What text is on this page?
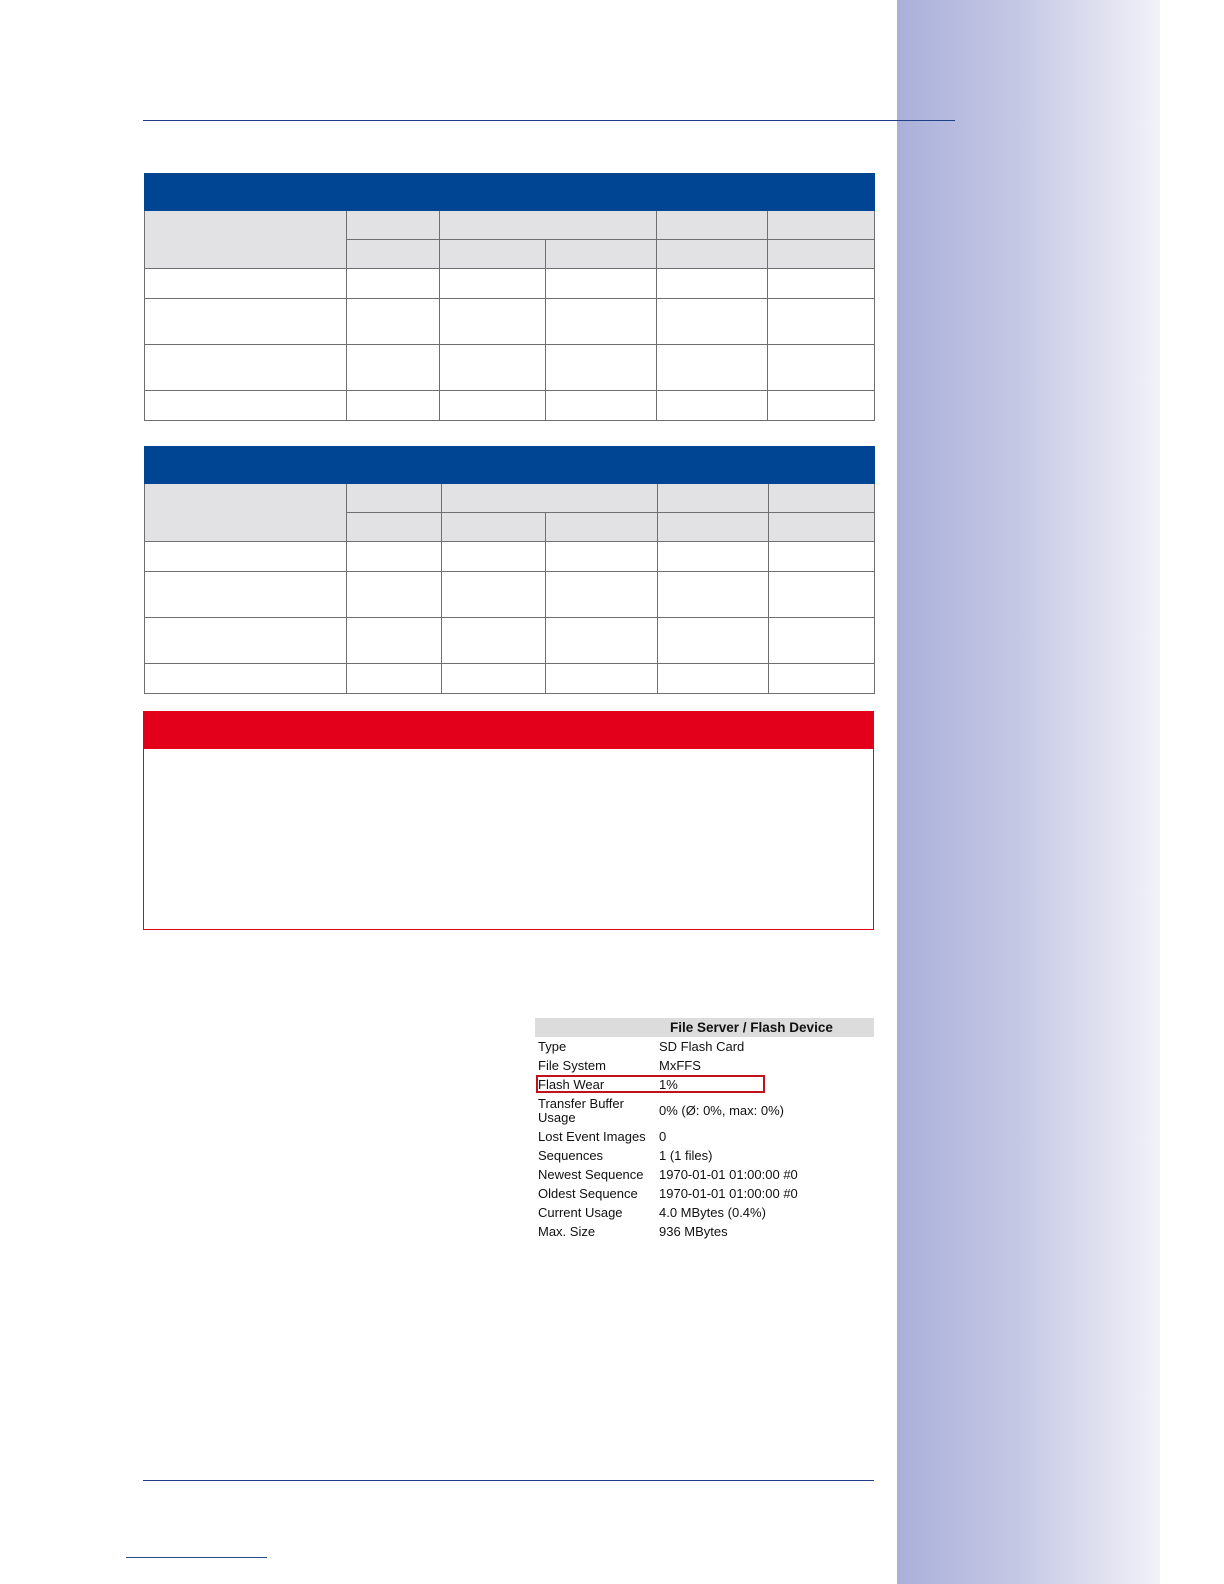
File Server / Flash Device
Type	SD Flash Card
File System	MxFFS
Flash Wear	1%
Transfer Buffer Usage	0% (Ø: 0%, max: 0%)
Lost Event Images	0
Sequences	1 (1 files)
Newest Sequence	1970-01-01 01:00:00 #0
Oldest Sequence	1970-01-01 01:00:00 #0
Current Usage	4.0 MBytes (0.4%)
Max. Size	936 MBytes
